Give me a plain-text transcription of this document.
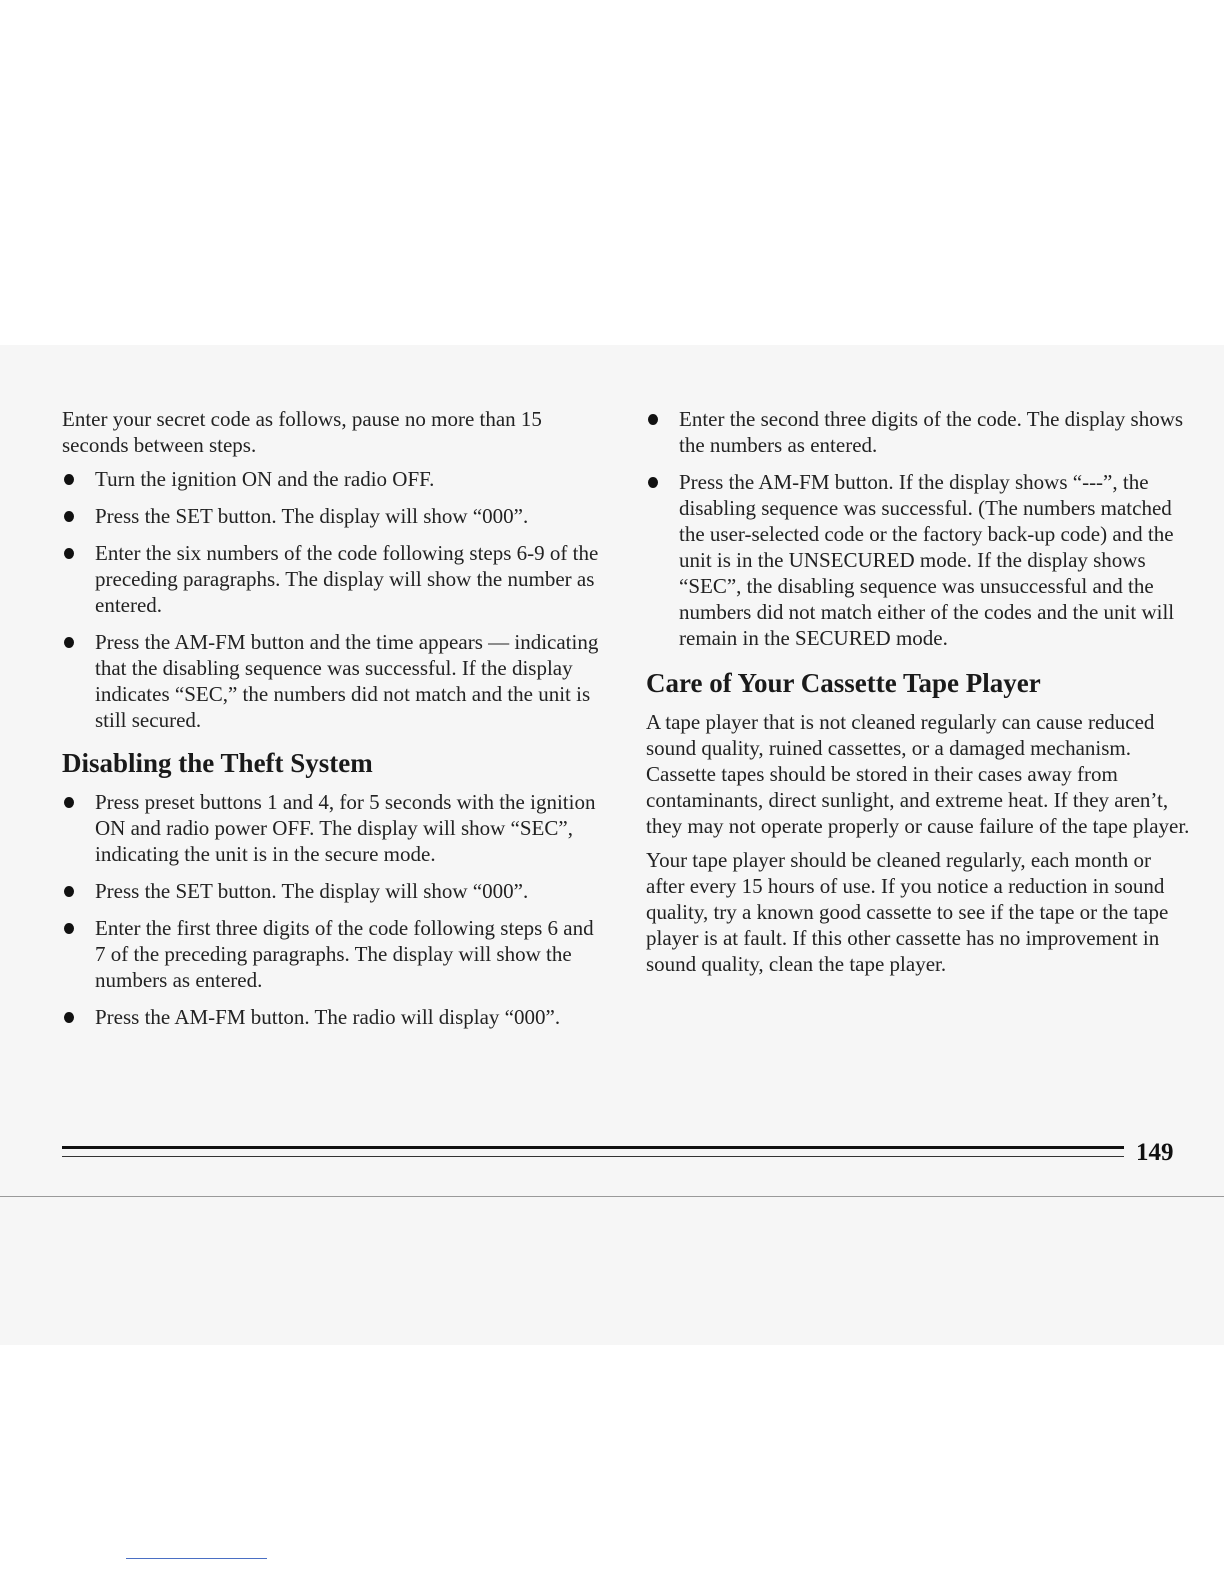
Enter your secret code as follows, pause no more than 15 seconds between steps.

Turn the ignition ON and the radio OFF.
Press the SET button. The display will show “000”.
Enter the six numbers of the code following steps 6-9 of the preceding paragraphs. The display will show the number as entered.
Press the AM-FM button and the time appears — indicating that the disabling sequence was successful. If the display indicates “SEC,” the numbers did not match and the unit is still secured.
Disabling the Theft System
Press preset buttons 1 and 4, for 5 seconds with the ignition ON and radio power OFF. The display will show “SEC”, indicating the unit is in the secure mode.
Press the SET button. The display will show “000”.
Enter the first three digits of the code following steps 6 and 7 of the preceding paragraphs. The display will show the numbers as entered.
Press the AM-FM button. The radio will display “000”.
Enter the second three digits of the code. The display shows the numbers as entered.
Press the AM-FM button. If the display shows “---”, the disabling sequence was successful. (The numbers matched the user-selected code or the factory back-up code) and the unit is in the UNSECURED mode. If the display shows “SEC”, the disabling sequence was unsuccessful and the numbers did not match either of the codes and the unit will remain in the SECURED mode.
Care of Your Cassette Tape Player

A tape player that is not cleaned regularly can cause reduced sound quality, ruined cassettes, or a damaged mechanism. Cassette tapes should be stored in their cases away from contaminants, direct sunlight, and extreme heat. If they aren’t, they may not operate properly or cause failure of the tape player.

Your tape player should be cleaned regularly, each month or after every 15 hours of use. If you notice a reduction in sound quality, try a known good cassette to see if the tape or the tape player is at fault. If this other cassette has no improvement in sound quality, clean the tape player.

149
